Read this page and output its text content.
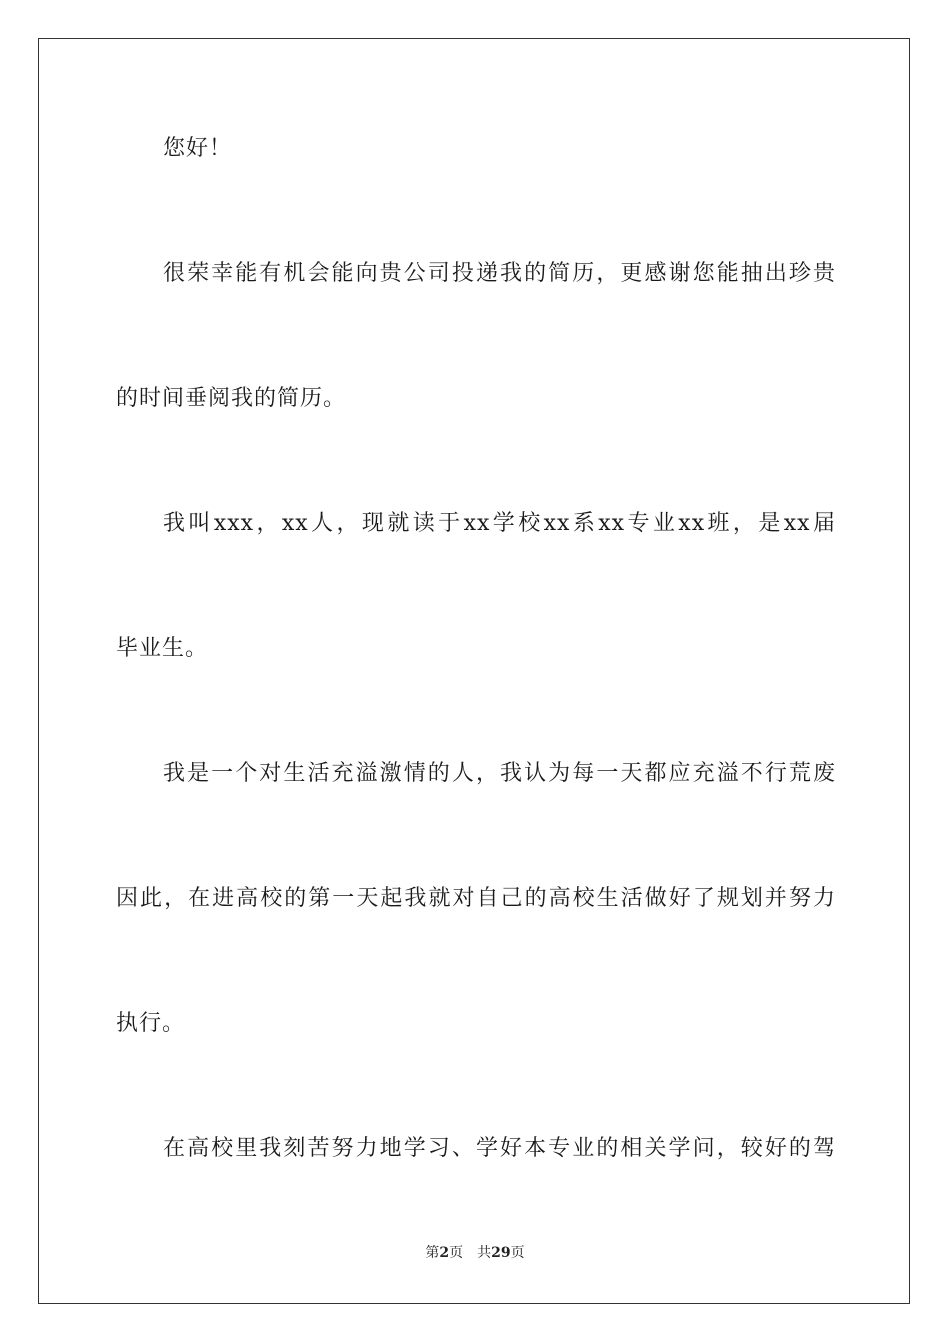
您好！
很荣幸能有机会能向贵公司投递我的简历，更感谢您能抽出珍贵
的时间垂阅我的简历。
我叫xxx，xx人，现就读于xx学校xx系xx专业xx班，是xx届
毕业生。
我是一个对生活充溢激情的人，我认为每一天都应充溢不行荒废
因此，在进高校的第一天起我就对自己的高校生活做好了规划并努力
执行。
在高校里我刻苦努力地学习、学好本专业的相关学问，较好的驾
第2页 共29页
